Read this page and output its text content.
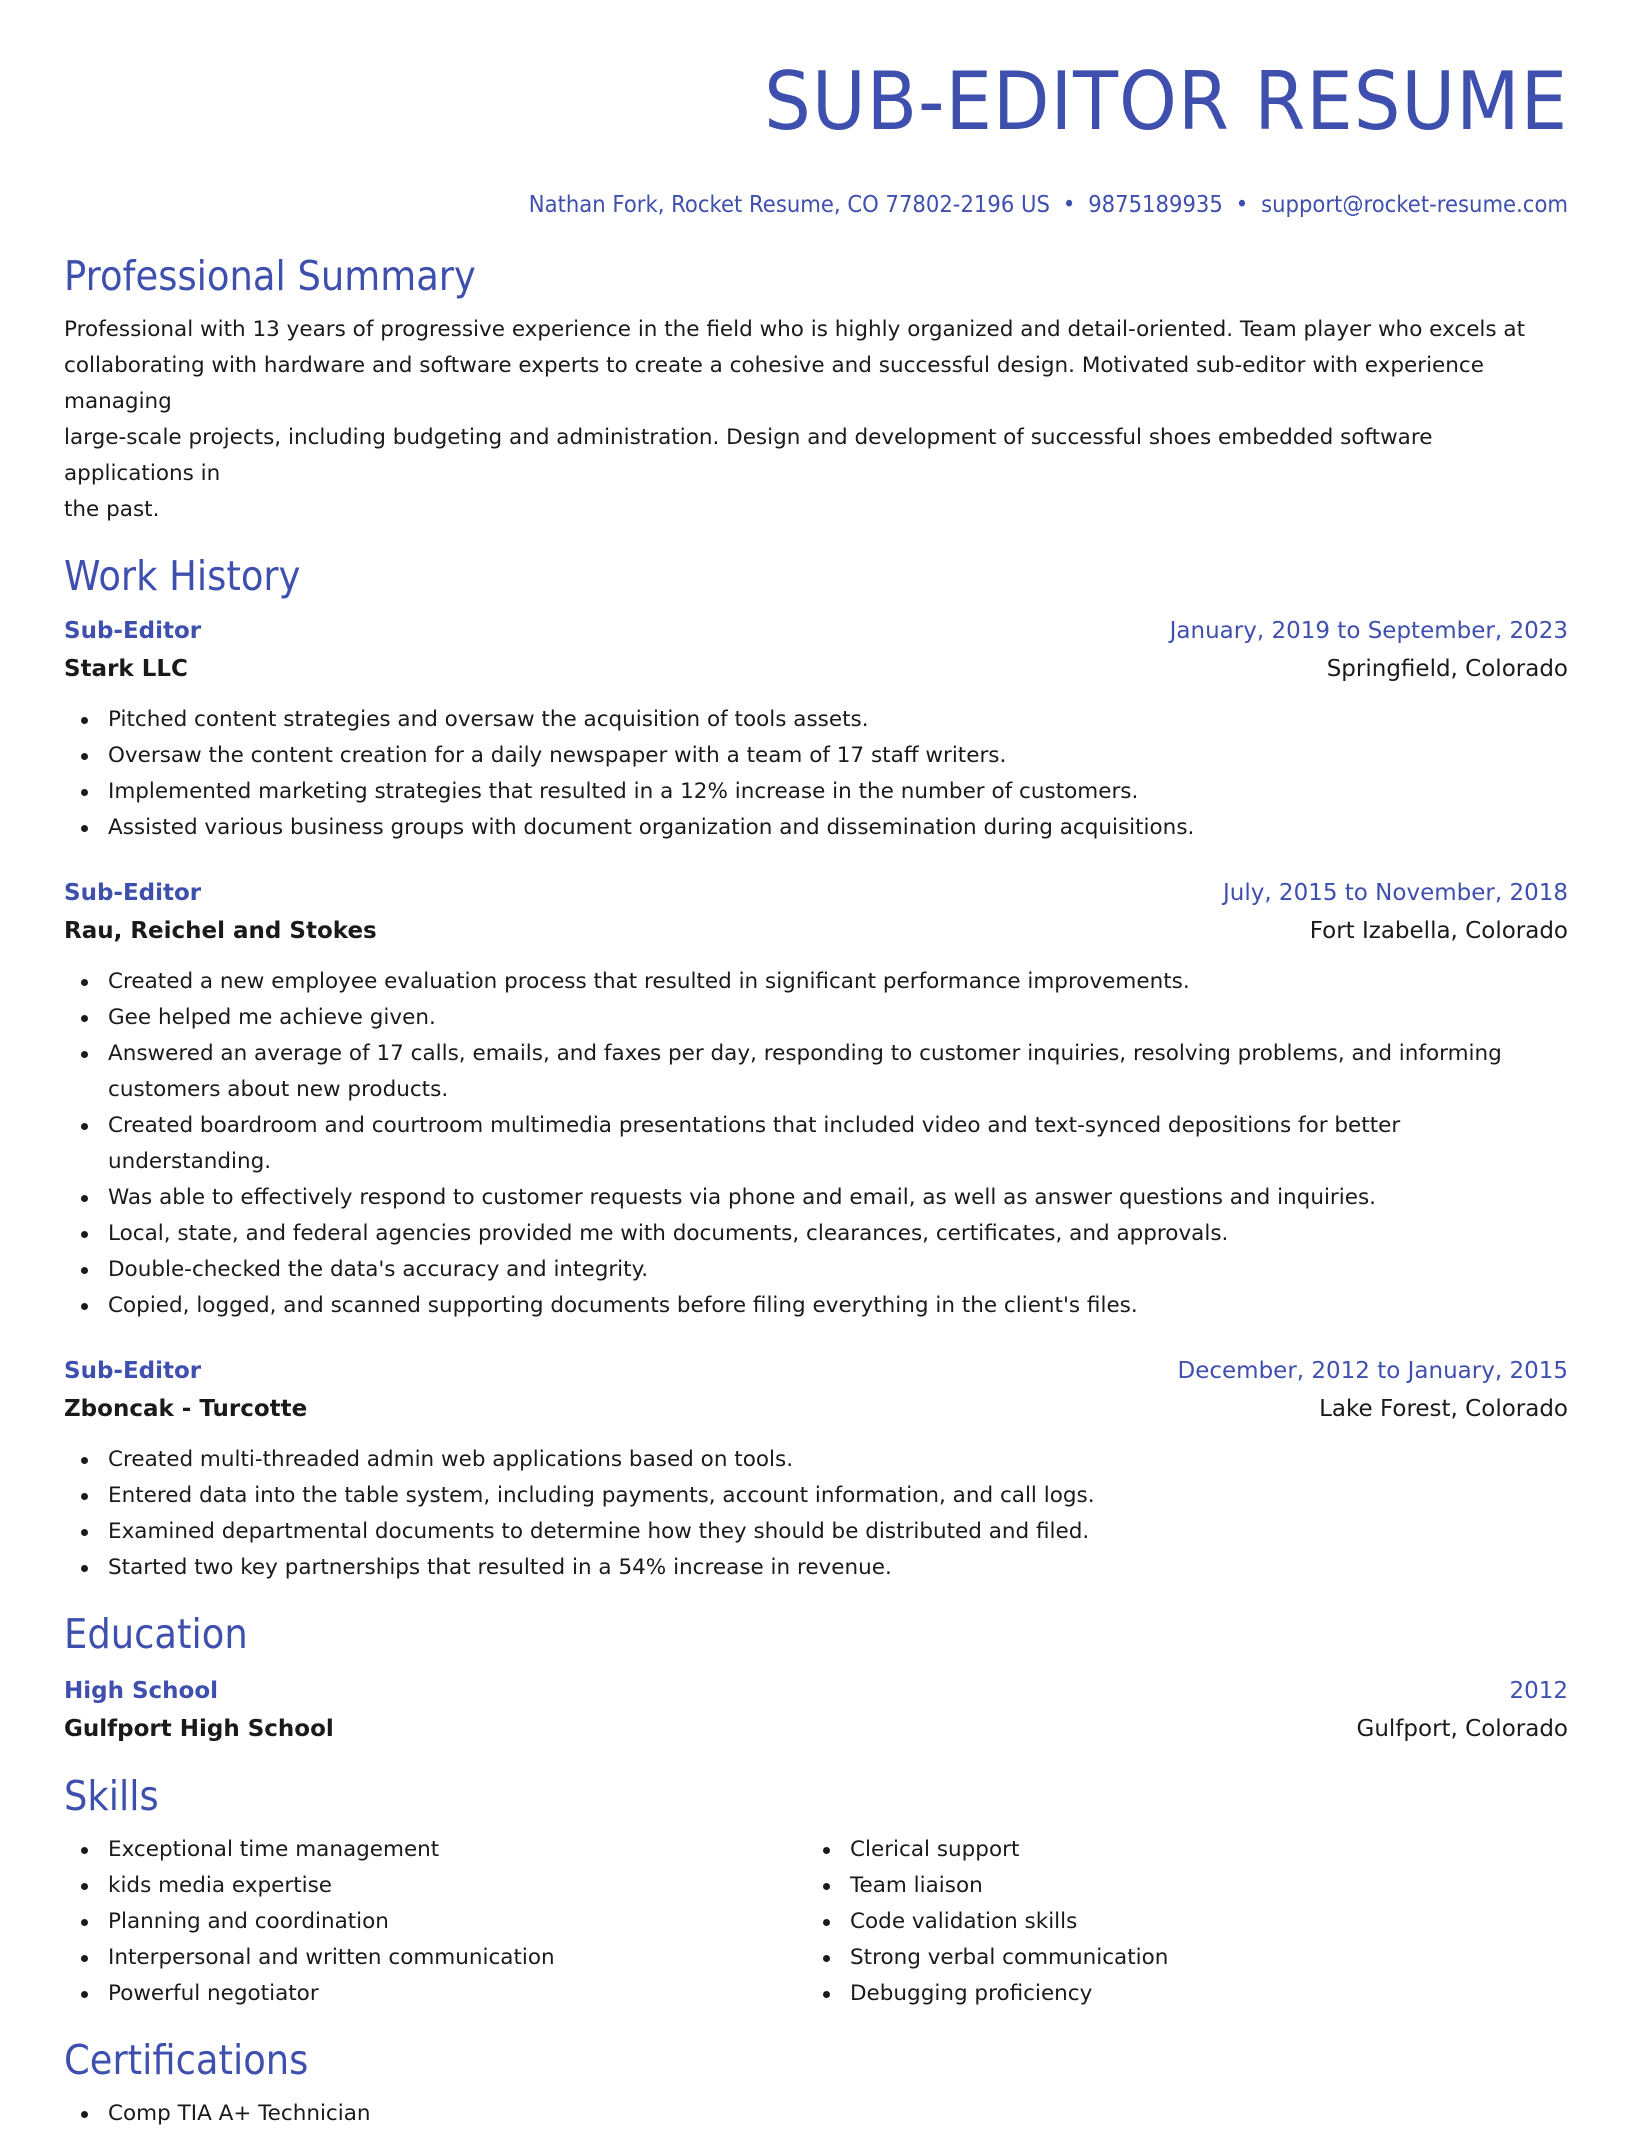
SUB-EDITOR RESUME
Nathan Fork, Rocket Resume, CO 77802-2196 US • 9875189935 • support@rocket-resume.com
Professional Summary
Professional with 13 years of progressive experience in the field who is highly organized and detail-oriented. Team player who excels at
collaborating with hardware and software experts to create a cohesive and successful design. Motivated sub-editor with experience managing
large-scale projects, including budgeting and administration. Design and development of successful shoes embedded software applications in
the past.
Work History
Sub-Editor	January, 2019 to September, 2023
Stark LLC	Springfield, Colorado
Pitched content strategies and oversaw the acquisition of tools assets.
Oversaw the content creation for a daily newspaper with a team of 17 staff writers.
Implemented marketing strategies that resulted in a 12% increase in the number of customers.
Assisted various business groups with document organization and dissemination during acquisitions.
Sub-Editor	July, 2015 to November, 2018
Rau, Reichel and Stokes	Fort Izabella, Colorado
Created a new employee evaluation process that resulted in significant performance improvements.
Gee helped me achieve given.
Answered an average of 17 calls, emails, and faxes per day, responding to customer inquiries, resolving problems, and informing customers about new products.
Created boardroom and courtroom multimedia presentations that included video and text-synced depositions for better understanding.
Was able to effectively respond to customer requests via phone and email, as well as answer questions and inquiries.
Local, state, and federal agencies provided me with documents, clearances, certificates, and approvals.
Double-checked the data's accuracy and integrity.
Copied, logged, and scanned supporting documents before filing everything in the client's files.
Sub-Editor	December, 2012 to January, 2015
Zboncak - Turcotte	Lake Forest, Colorado
Created multi-threaded admin web applications based on tools.
Entered data into the table system, including payments, account information, and call logs.
Examined departmental documents to determine how they should be distributed and filed.
Started two key partnerships that resulted in a 54% increase in revenue.
Education
High School	2012
Gulfport High School	Gulfport, Colorado
Skills
Exceptional time management
kids media expertise
Planning and coordination
Interpersonal and written communication
Powerful negotiator
Clerical support
Team liaison
Code validation skills
Strong verbal communication
Debugging proficiency
Certifications
Comp TIA A+ Technician
